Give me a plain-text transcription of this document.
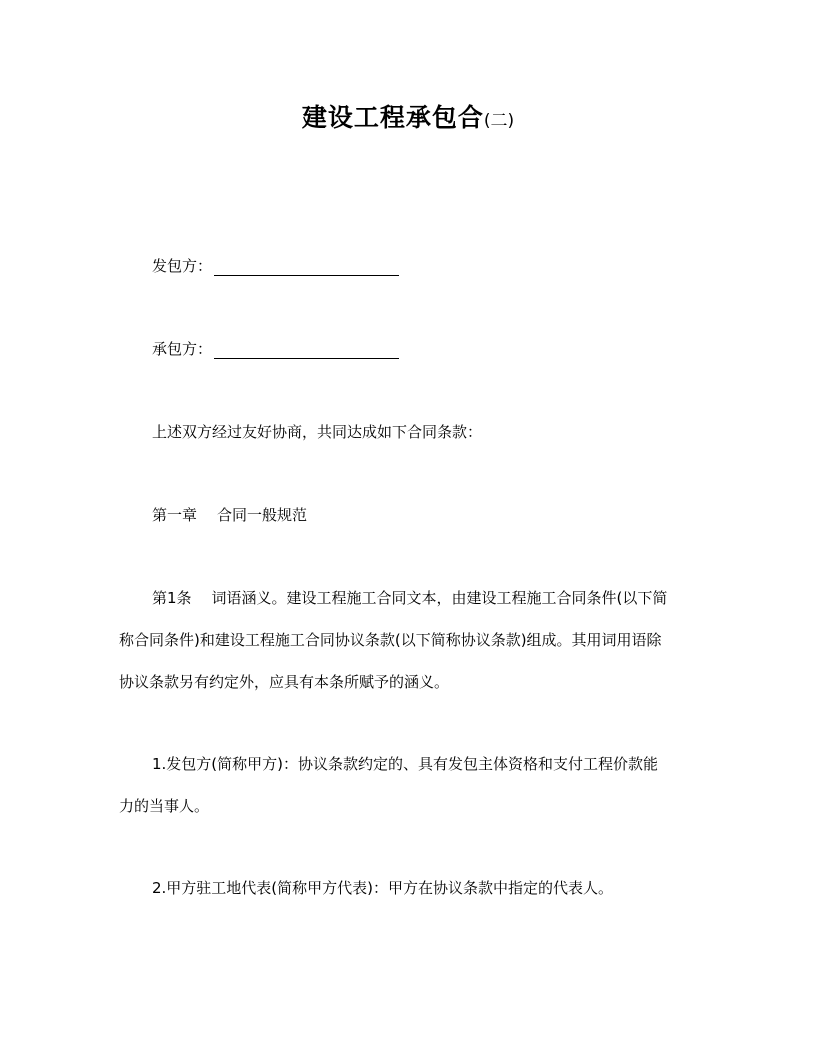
建设工程承包合(二)
发包方：
承包方：
上述双方经过友好协商，共同达成如下合同条款：
第一章 合同一般规范
第1条 词语涵义。建设工程施工合同文本，由建设工程施工合同条件(以下简
称合同条件)和建设工程施工合同协议条款(以下简称协议条款)组成。其用词用语除
协议条款另有约定外，应具有本条所赋予的涵义。
1.发包方(简称甲方)：协议条款约定的、具有发包主体资格和支付工程价款能
力的当事人。
2.甲方驻工地代表(简称甲方代表)：甲方在协议条款中指定的代表人。
